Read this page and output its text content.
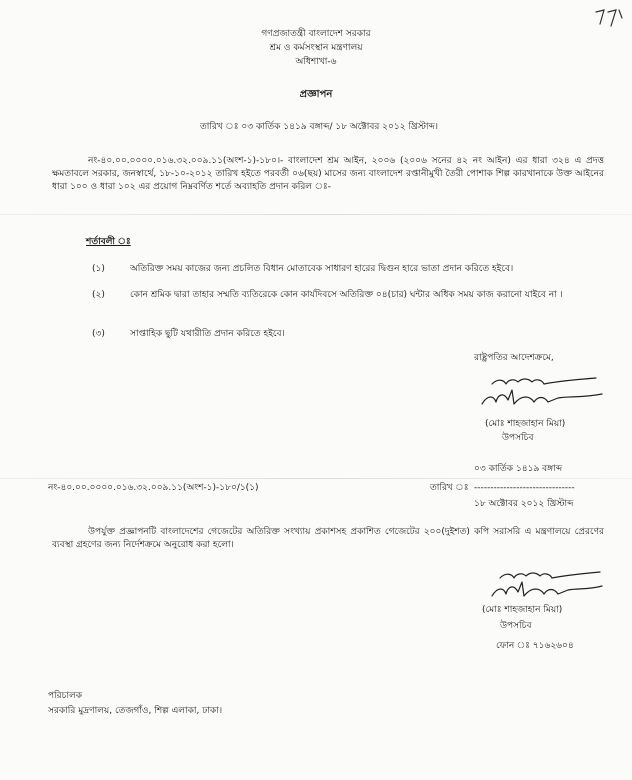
গণপ্রজাতন্ত্রী বাংলাদেশ সরকার
শ্রম ও কর্মসংস্থান মন্ত্রণালয়
অধিশাখা-৬
প্রজ্ঞাপন
তারিখ ঃ ০৩ কার্তিক ১৪১৯ বঙ্গাব্দ/ ১৮ অক্টোবর ২০১২ খ্রিস্টাব্দ।
নং-৪০.০০.০০০০.০১৬.৩২.০০৯.১১(অংশ-১)-১৮০।- বাংলাদেশ শ্রম আইন, ২০০৬ (২০০৬ সনের ৪২ নং আইন) এর ধারা ৩২৪ এ প্রদত্ত ক্ষমতাবলে সরকার, জনস্বার্থে, ১৮-১০-২০১২ তারিখ হইতে পরবর্তী ০৬(ছয়) মাসের জন্য বাংলাদেশ রপ্তানীমুখী তৈরী পোশাক শিল্প কারখানাকে উক্ত আইনের ধারা ১০০ ও ধারা ১০২ এর প্রয়োগ নিম্নবর্ণিত শর্তে অব্যাহতি প্রদান করিল ঃ-
শর্তাবলী ঃ
(১)	অতিরিক্ত সময় কাজের জন্য প্রচলিত বিধান মোতাবেক সাধারণ হারের দ্বিগুন হারে ভাতা প্রদান করিতে হইবে।
(২)	কোন শ্রমিক দ্বারা তাহার সম্মতি ব্যতিরেকে কোন কার্যদিবসে অতিরিক্ত ০৪(চার) ঘন্টার অধিক সময় কাজ করানো যাইবে না ।
(৩)	সাপ্তাহিক ছুটি যথারীতি প্রদান করিতে হইবে।
রাষ্ট্রপতির আদেশক্রমে,
(মোঃ শাহজাহান মিয়া)
উপসচিব
০৩ কার্তিক ১৪১৯ বঙ্গাব্দ
নং-৪০.০০.০০০০.০১৬.৩২.০০৯.১১(অংশ-১)-১৮০/১(১)	তারিখ ঃ -------------------------------
১৮ অক্টোবর ২০১২ খ্রিস্টাব্দ
উপর্যুক্ত প্রজ্ঞাপনটি বাংলাদেশের গেজেটের অতিরিক্ত সংখ্যায় প্রকাশসহ প্রকাশিত গেজেটের ২০০(দুইশত) কপি সরাসরি এ মন্ত্রণালয়ে প্রেরণের ব্যবস্থা গ্রহণের জন্য নির্দেশক্রমে অনুরোধ করা হলো।
(মোঃ শাহজাহান মিয়া)
উপসচিব
ফোন ঃ ৭১৬২৬০৪
পরিচালক
সরকারি মুদ্রণালয়, তেজগাঁও, শিল্প এলাকা, ঢাকা।
